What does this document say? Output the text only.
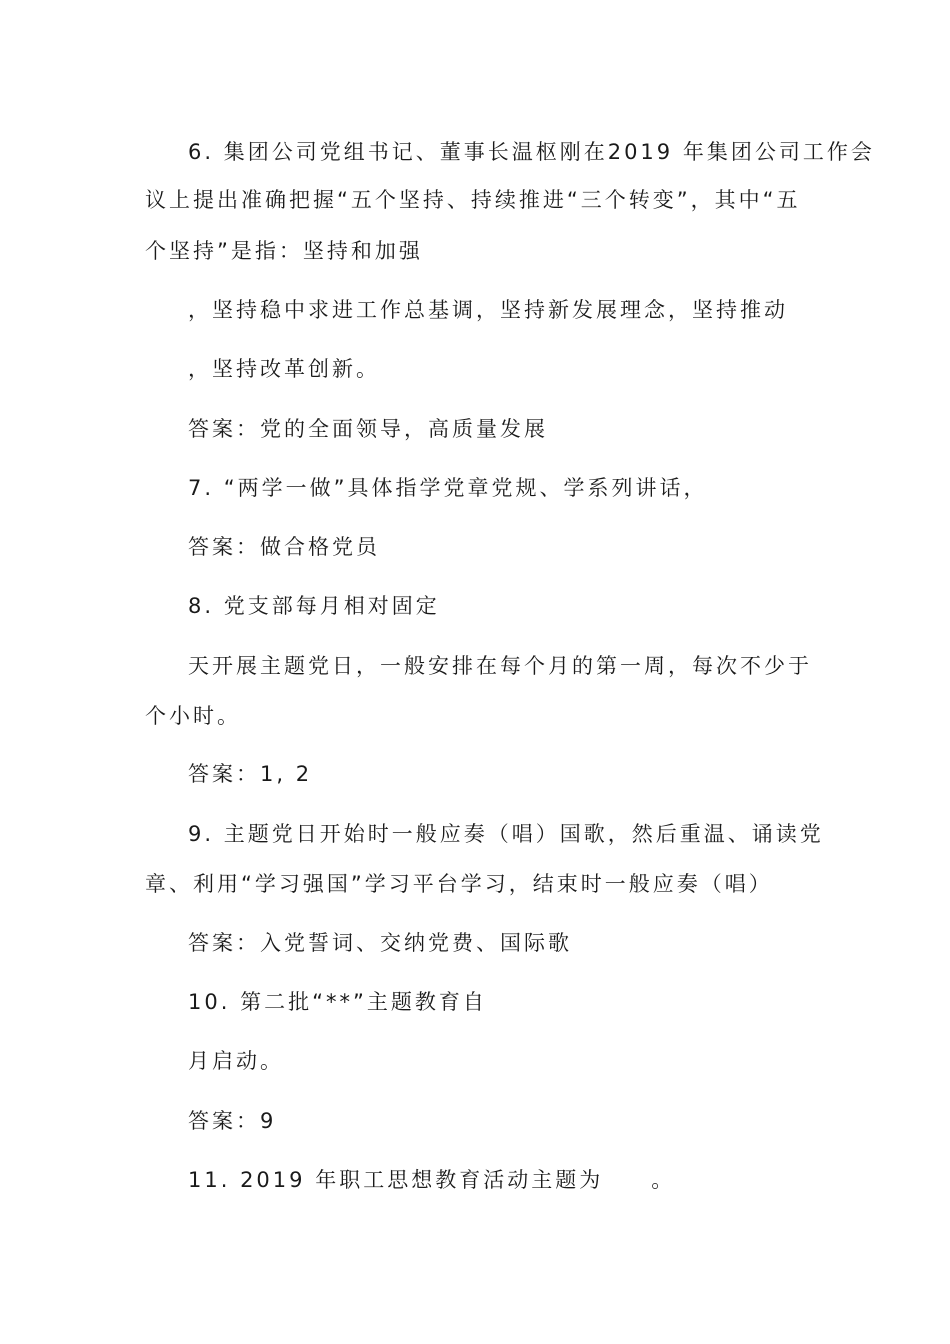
6. 集团公司党组书记、董事长温枢刚在2019 年集团公司工作会
议上提出准确把握“五个坚持、持续推进“三个转变”，其中“五
个坚持”是指：坚持和加强
，坚持稳中求进工作总基调，坚持新发展理念，坚持推动
，坚持改革创新。
答案：党的全面领导，高质量发展
7. “两学一做”具体指学党章党规、学系列讲话，
答案：做合格党员
8. 党支部每月相对固定
天开展主题党日，一般安排在每个月的第一周，每次不少于
个小时。
答案：1, 2
9. 主题党日开始时一般应奏（唱）国歌，然后重温、诵读党
章、利用“学习强国”学习平台学习，结束时一般应奏（唱）
答案：入党誓词、交纳党费、国际歌
10. 第二批“**”主题教育自
月启动。
答案：9
11. 2019 年职工思想教育活动主题为　　。
